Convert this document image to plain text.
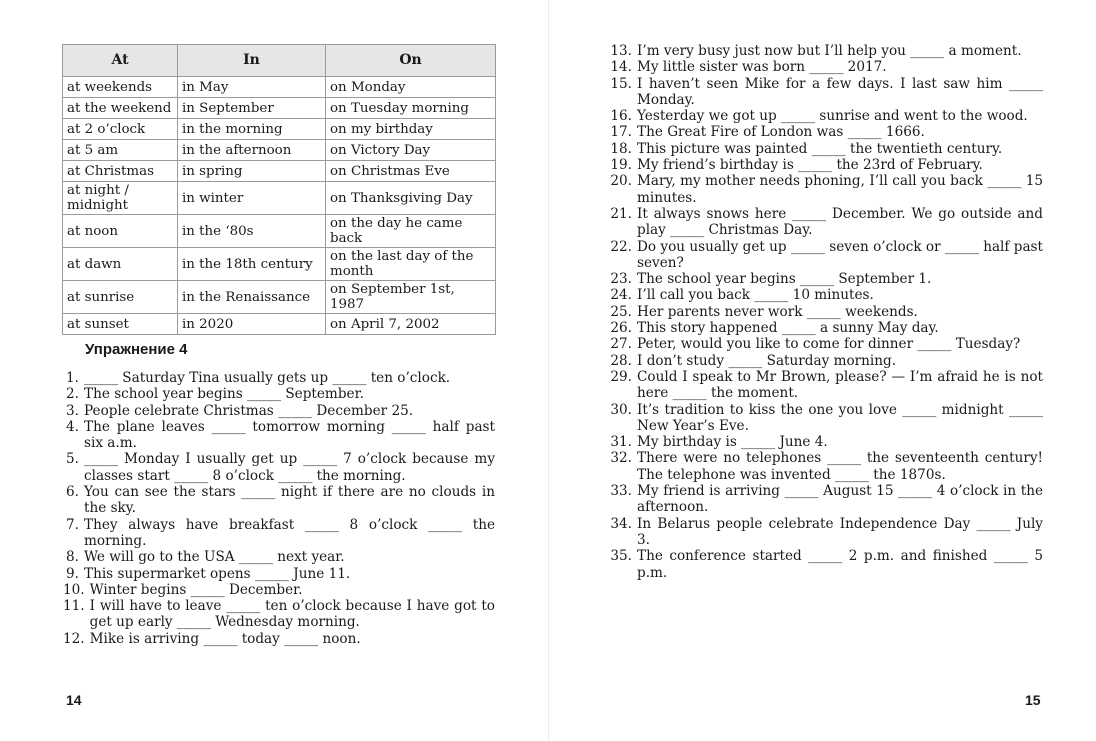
At	In	On
at weekends	in May	on Monday
at the weekend	in September	on Tuesday morning
at 2 o’clock	in the morning	on my birthday
at 5 am	in the afternoon	on Victory Day
at Christmas	in spring	on Christmas Eve
at night / midnight	in winter	on Thanksgiving Day
at noon	in the ‘80s	on the day he came back
at dawn	in the 18th century	on the last day of the month
at sunrise	in the Renaissance	on September 1st, 1987
at sunset	in 2020	on April 7, 2002
Упражнение 4
1. _____ Saturday Tina usually gets up _____ ten o’clock.
2. The school year begins _____ September.
3. People celebrate Christmas _____ December 25.
4. The plane leaves _____ tomorrow morning _____ half past six a.m.
5. _____ Monday I usually get up _____ 7 o’clock because my classes start _____ 8 o’clock _____ the morning.
6. You can see the stars _____ night if there are no clouds in the sky.
7. They always have breakfast _____ 8 o’clock _____ the morning.
8. We will go to the USA _____ next year.
9. This supermarket opens _____ June 11.
10. Winter begins _____ December.
11. I will have to leave _____ ten o’clock because I have got to get up early _____ Wednesday morning.
12. Mike is arriving _____ today _____ noon.
13. I’m very busy just now but I’ll help you _____ a moment.
14. My little sister was born _____ 2017.
15. I haven’t seen Mike for a few days. I last saw him _____ Monday.
16. Yesterday we got up _____ sunrise and went to the wood.
17. The Great Fire of London was _____ 1666.
18. This picture was painted _____ the twentieth century.
19. My friend’s birthday is _____ the 23rd of February.
20. Mary, my mother needs phoning, I’ll call you back _____ 15 minutes.
21. It always snows here _____ December. We go outside and play _____ Christmas Day.
22. Do you usually get up _____ seven o’clock or _____ half past seven?
23. The school year begins _____ September 1.
24. I’ll call you back _____ 10 minutes.
25. Her parents never work _____ weekends.
26. This story happened _____ a sunny May day.
27. Peter, would you like to come for dinner _____ Tuesday?
28. I don’t study _____ Saturday morning.
29. Could I speak to Mr Brown, please? — I’m afraid he is not here _____ the moment.
30. It’s tradition to kiss the one you love _____ midnight _____ New Year’s Eve.
31. My birthday is _____ June 4.
32. There were no telephones _____ the seventeenth century! The telephone was invented _____ the 1870s.
33. My friend is arriving _____ August 15 _____ 4 o’clock in the afternoon.
34. In Belarus people celebrate Independence Day _____ July 3.
35. The conference started _____ 2 p.m. and finished _____ 5 p.m.
14	15
